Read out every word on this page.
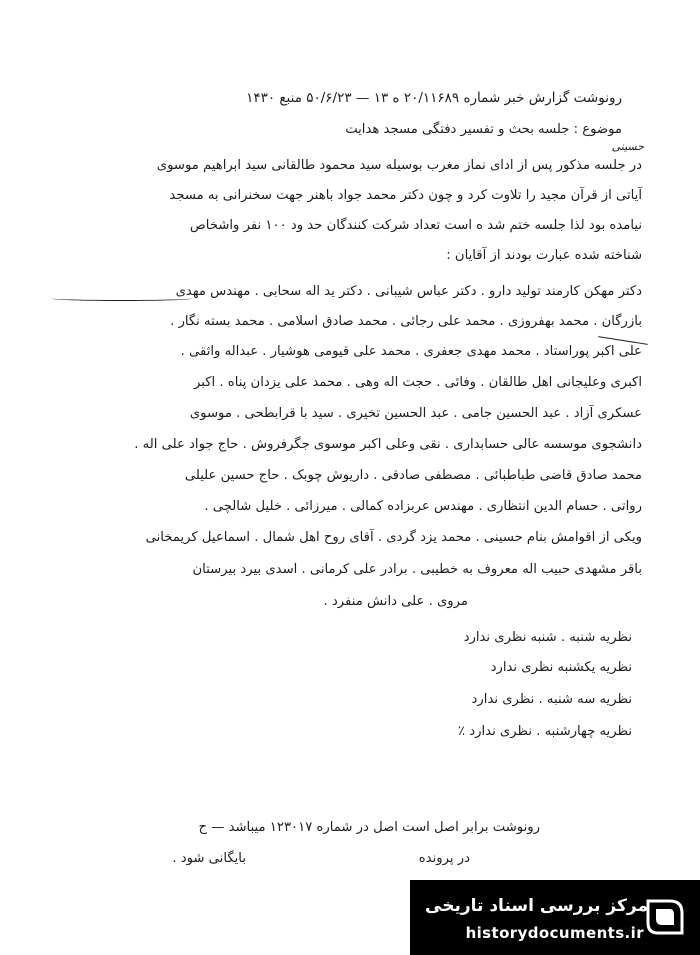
رونوشت گزارش خبر شماره ۲۰/۱۱۶۸۹ ه ۱۳ — ۵۰/۶/۲۳ منبع ۱۴۳۰
موضوع : جلسه بحث و تفسیر دفتگی مسجد هدایت
حسینی
در جلسه مذکور پس از ادای نماز مغرب بوسیله سید محمود طالقانی سید ابراهیم موسوی
آیاتی از قرآن مجید را تلاوت کرد و چون دکتر محمد جواد باهنر جهت سخنرانی به مسجد
نیامده بود لذا جلسه ختم شد ه است تعداد شرکت کنندگان حد ود ۱۰۰ نفر واشخاص
شناخته شده عبارت بودند از آقایان :
دکتر مهکن کارمند تولید دارو . دکتر عباس شیبانی . دکتر ید اله سحابی . مهندس مهدی
بازرگان . محمد بهفروزی . محمد علی رجائی . محمد صادق اسلامی . محمد بسته نگار .
علی اکبر پوراستاد . محمد مهدی جعفری . محمد علی قیومی هوشیار . عبداله واثقی .
اکبری وعلیجانی اهل طالقان . وفائی . حجت اله وهی . محمد علی یزدان پناه . اکبر
عسکری آزاد . عبد الحسین جامی . عبد الحسین تخیری . سید با قرابطحی . موسوی
دانشجوی موسسه عالی حسابداری . نقی وعلی اکبر موسوی جگرفروش . حاج جواد علی اله .
محمد صادق قاضی طباطبائی . مصطفی صادقی . داریوش چوبک . حاج حسین علیلی
رواتی . حسام الدین انتظاری . مهندس عربزاده کمالی . میرزائی . خلیل شالچی .
ویکی از اقوامش بنام حسینی . محمد یزد گردی . آقای روح اهل شمال . اسماعیل کریمخانی
باقر مشهدی حبیب اله معروف به خطیبی . برادر علی کرمانی . اسدی بیرد بیرستان
مروی . علی دانش منفرد .
نظریه شنبه . شنبه نظری ندارد
نظریه یکشنبه نظری ندارد
نظریه سه شنبه . نظری ندارد
نظریه چهارشنبه . نظری ندارد ٪
رونوشت برابر اصل است اصل در شماره ۱۲۳۰۱۷ میباشد — ح
در پرونده
بایگانی شود .
مرکز بررسی اسناد تاریخی
historydocuments.ir
